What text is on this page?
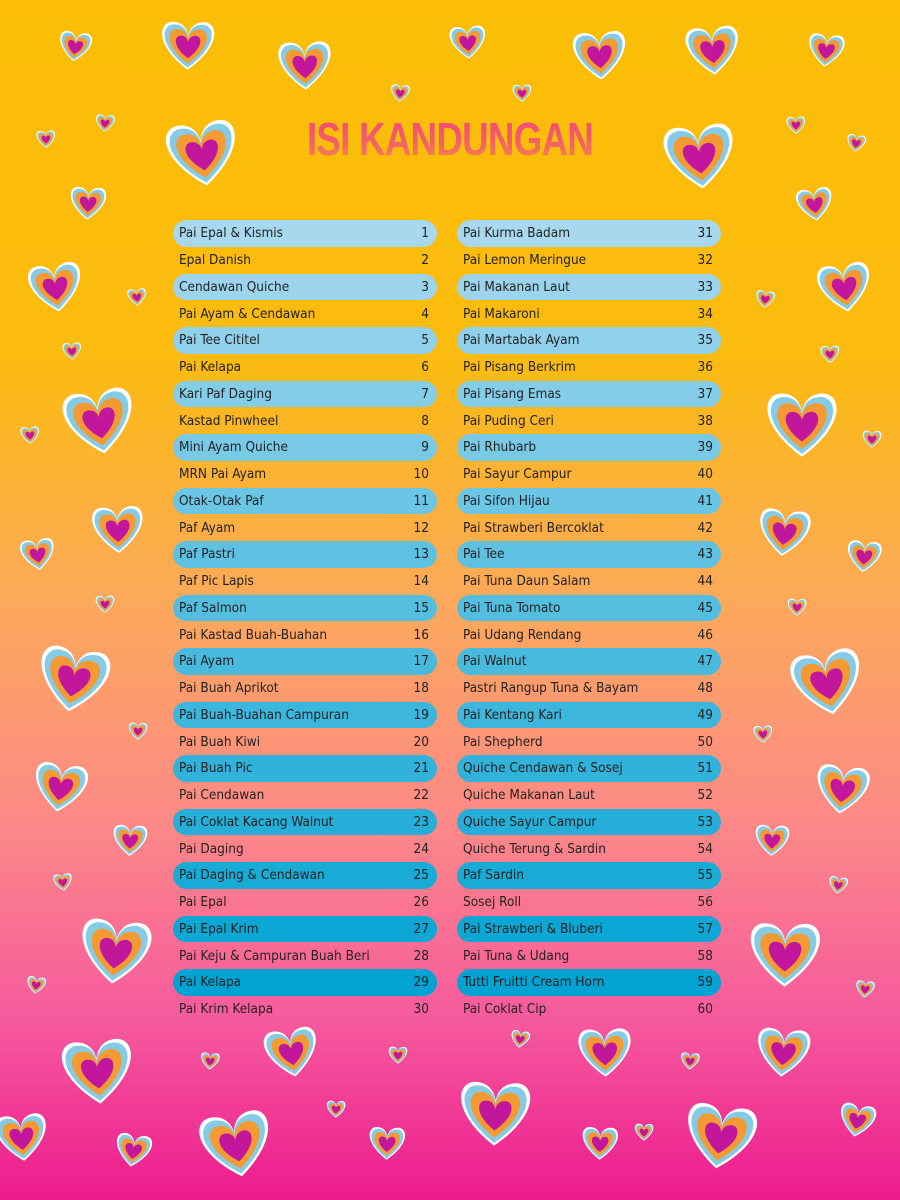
ISI KANDUNGAN
Pai Epal & Kismis	1
Epal Danish	2
Cendawan Quiche	3
Pai Ayam & Cendawan	4
Pai Tee Cititel	5
Pai Kelapa	6
Kari Paf Daging	7
Kastad Pinwheel	8
Mini Ayam Quiche	9
MRN Pai Ayam	10
Otak-Otak Paf	11
Paf Ayam	12
Paf Pastri	13
Paf Pic Lapis	14
Paf Salmon	15
Pai Kastad Buah-Buahan	16
Pai Ayam	17
Pai Buah Aprikot	18
Pai Buah-Buahan Campuran	19
Pai Buah Kiwi	20
Pai Buah Pic	21
Pai Cendawan	22
Pai Coklat Kacang Walnut	23
Pai Daging	24
Pai Daging & Cendawan	25
Pai Epal	26
Pai Epal Krim	27
Pai Keju & Campuran Buah Beri	28
Pai Kelapa	29
Pai Krim Kelapa	30
Pai Kurma Badam	31
Pai Lemon Meringue	32
Pai Makanan Laut	33
Pai Makaroni	34
Pai Martabak Ayam	35
Pai Pisang Berkrim	36
Pai Pisang Emas	37
Pai Puding Ceri	38
Pai Rhubarb	39
Pai Sayur Campur	40
Pai Sifon Hijau	41
Pai Strawberi Bercoklat	42
Pai Tee	43
Pai Tuna Daun Salam	44
Pai Tuna Tomato	45
Pai Udang Rendang	46
Pai Walnut	47
Pastri Rangup Tuna & Bayam	48
Pai Kentang Kari	49
Pai Shepherd	50
Quiche Cendawan & Sosej	51
Quiche Makanan Laut	52
Quiche Sayur Campur	53
Quiche Terung & Sardin	54
Paf Sardin	55
Sosej Roll	56
Pai Strawberi & Bluberi	57
Pai Tuna & Udang	58
Tutti Fruitti Cream Horn	59
Pai Coklat Cip	60
